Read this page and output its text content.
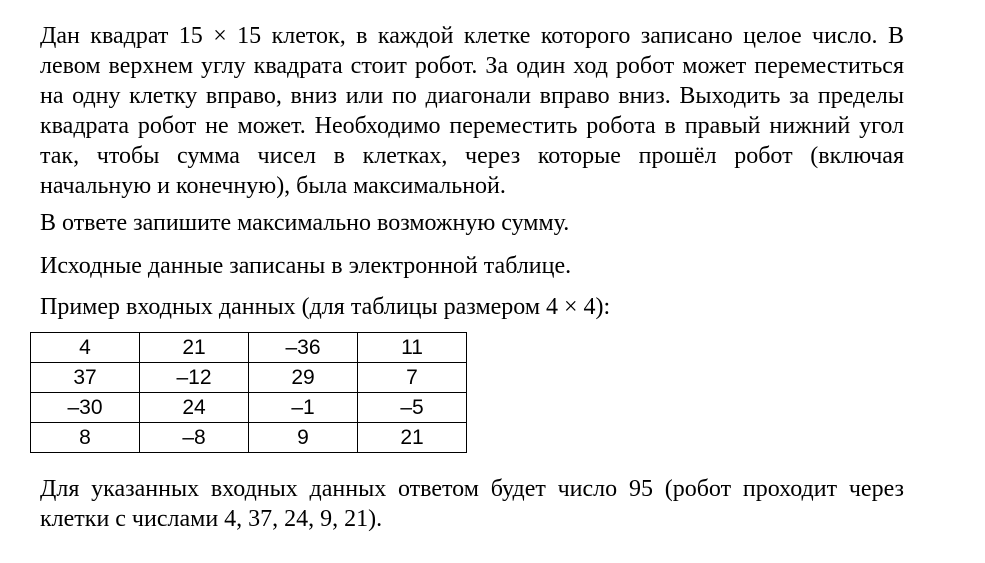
Дан квадрат 15 × 15 клеток, в каждой клетке которого записано целое число. В левом верхнем углу квадрата стоит робот. За один ход робот может переместиться на одну клетку вправо, вниз или по диагонали вправо вниз. Выходить за пределы квадрата робот не может. Необходимо переместить робота в правый нижний угол так, чтобы сумма чисел в клетках, через которые прошёл робот (включая начальную и конечную), была максимальной.

В ответе запишите максимально возможную сумму.

Исходные данные записаны в электронной таблице.

Пример входных данных (для таблицы размером 4 × 4):

4	21	–36	11
37	–12	29	7
–30	24	–1	–5
8	–8	9	21

Для указанных входных данных ответом будет число 95 (робот проходит через клетки с числами 4, 37, 24, 9, 21).
